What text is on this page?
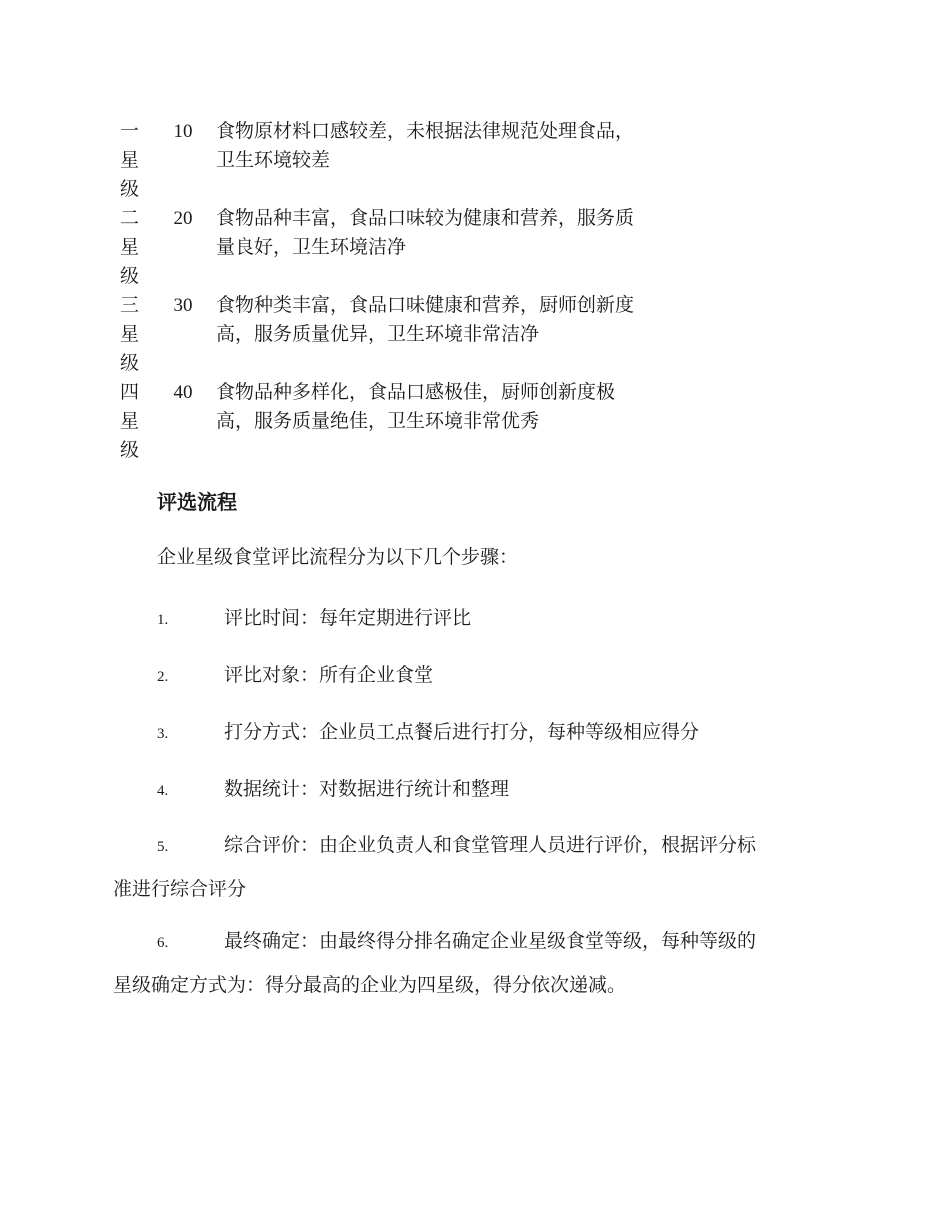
一
星
级
10	食物原材料口感较差，未根据法律规范处理食品，
卫生环境较差
二
星
级
20	食物品种丰富，食品口味较为健康和营养，服务质
量良好，卫生环境洁净
三
星
级
30	食物种类丰富，食品口味健康和营养，厨师创新度
高，服务质量优异，卫生环境非常洁净
四
星
级
40	食物品种多样化，食品口感极佳，厨师创新度极
高，服务质量绝佳，卫生环境非常优秀
评选流程
企业星级食堂评比流程分为以下几个步骤：
1.	评比时间：每年定期进行评比
2.	评比对象：所有企业食堂
3.	打分方式：企业员工点餐后进行打分，每种等级相应得分
4.	数据统计：对数据进行统计和整理
5.	综合评价：由企业负责人和食堂管理人员进行评价，根据评分标
准进行综合评分
6.	最终确定：由最终得分排名确定企业星级食堂等级，每种等级的
星级确定方式为：得分最高的企业为四星级，得分依次递减。
